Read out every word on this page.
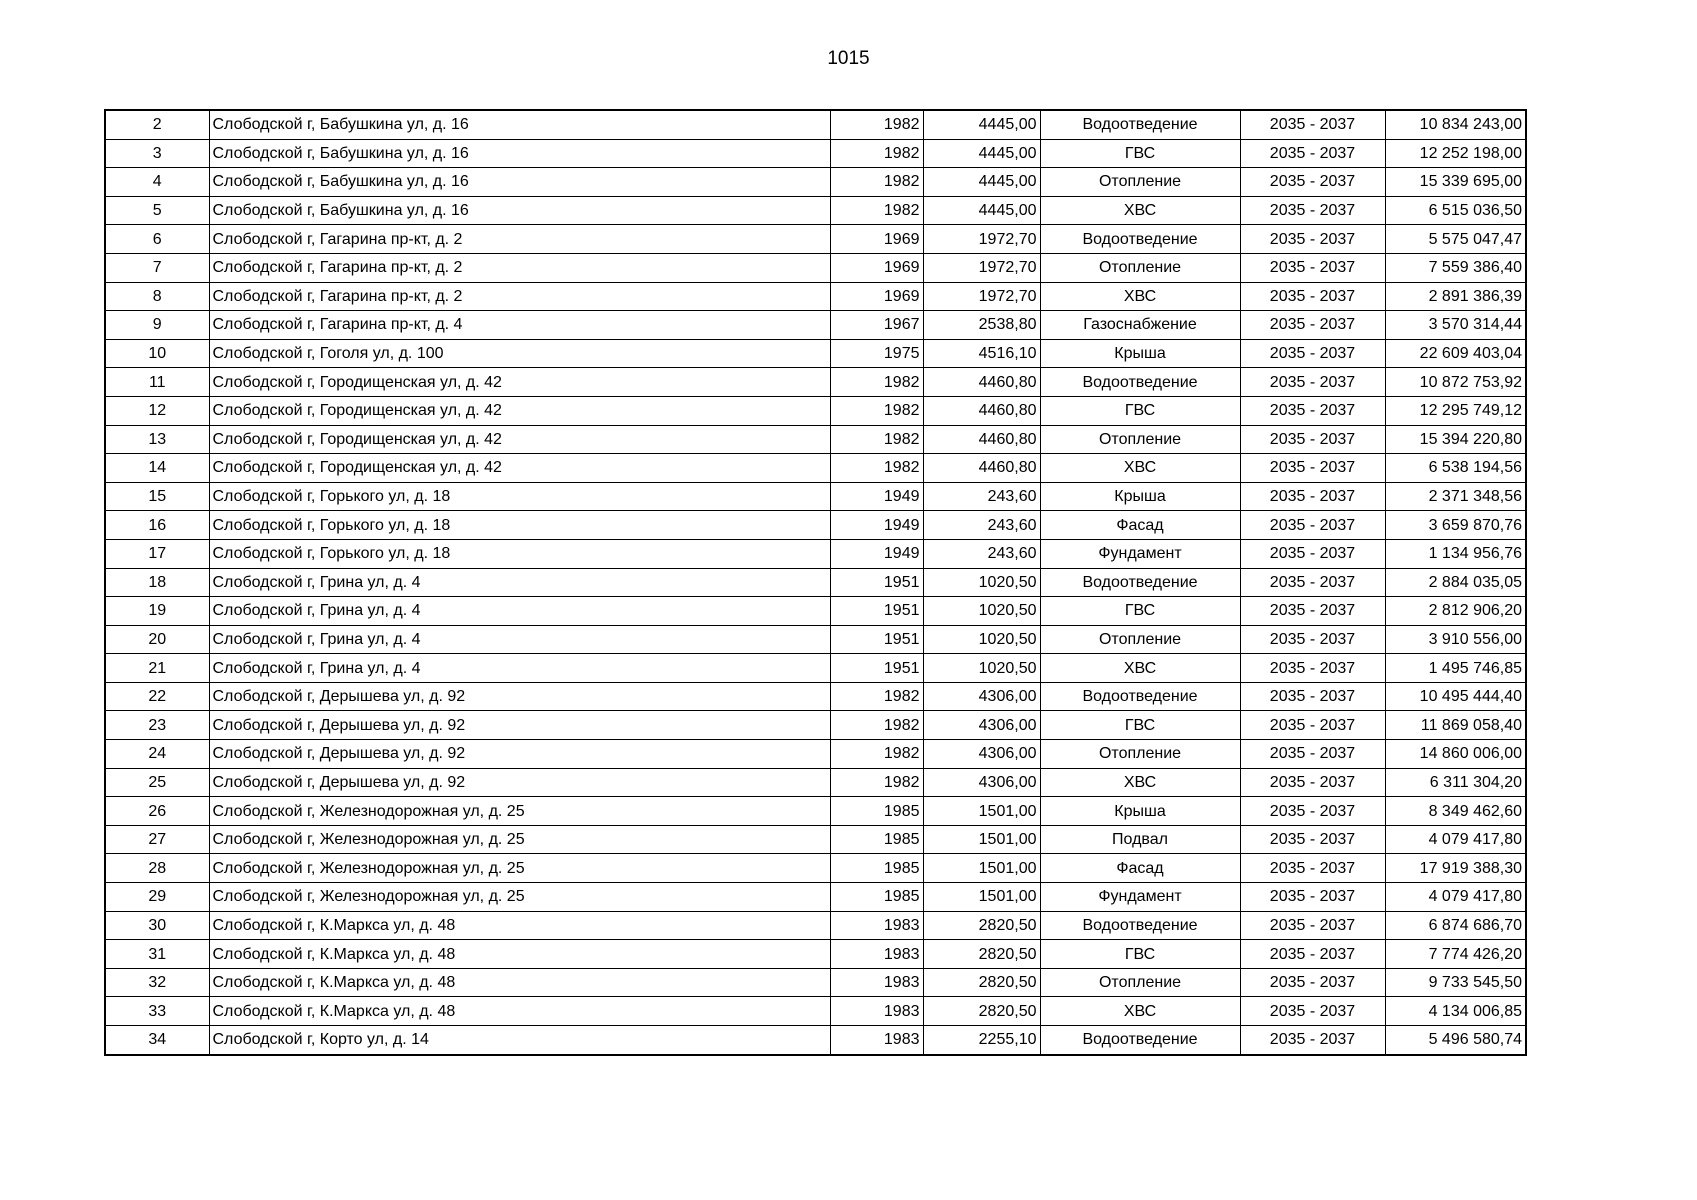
1015
2	Слободской г, Бабушкина ул, д. 16	1982	4445,00	Водоотведение	2035 - 2037	10 834 243,00
3	Слободской г, Бабушкина ул, д. 16	1982	4445,00	ГВС	2035 - 2037	12 252 198,00
4	Слободской г, Бабушкина ул, д. 16	1982	4445,00	Отопление	2035 - 2037	15 339 695,00
5	Слободской г, Бабушкина ул, д. 16	1982	4445,00	ХВС	2035 - 2037	6 515 036,50
6	Слободской г, Гагарина пр-кт, д. 2	1969	1972,70	Водоотведение	2035 - 2037	5 575 047,47
7	Слободской г, Гагарина пр-кт, д. 2	1969	1972,70	Отопление	2035 - 2037	7 559 386,40
8	Слободской г, Гагарина пр-кт, д. 2	1969	1972,70	ХВС	2035 - 2037	2 891 386,39
9	Слободской г, Гагарина пр-кт, д. 4	1967	2538,80	Газоснабжение	2035 - 2037	3 570 314,44
10	Слободской г, Гоголя ул, д. 100	1975	4516,10	Крыша	2035 - 2037	22 609 403,04
11	Слободской г, Городищенская ул, д. 42	1982	4460,80	Водоотведение	2035 - 2037	10 872 753,92
12	Слободской г, Городищенская ул, д. 42	1982	4460,80	ГВС	2035 - 2037	12 295 749,12
13	Слободской г, Городищенская ул, д. 42	1982	4460,80	Отопление	2035 - 2037	15 394 220,80
14	Слободской г, Городищенская ул, д. 42	1982	4460,80	ХВС	2035 - 2037	6 538 194,56
15	Слободской г, Горького ул, д. 18	1949	243,60	Крыша	2035 - 2037	2 371 348,56
16	Слободской г, Горького ул, д. 18	1949	243,60	Фасад	2035 - 2037	3 659 870,76
17	Слободской г, Горького ул, д. 18	1949	243,60	Фундамент	2035 - 2037	1 134 956,76
18	Слободской г, Грина ул, д. 4	1951	1020,50	Водоотведение	2035 - 2037	2 884 035,05
19	Слободской г, Грина ул, д. 4	1951	1020,50	ГВС	2035 - 2037	2 812 906,20
20	Слободской г, Грина ул, д. 4	1951	1020,50	Отопление	2035 - 2037	3 910 556,00
21	Слободской г, Грина ул, д. 4	1951	1020,50	ХВС	2035 - 2037	1 495 746,85
22	Слободской г, Дерышева ул, д. 92	1982	4306,00	Водоотведение	2035 - 2037	10 495 444,40
23	Слободской г, Дерышева ул, д. 92	1982	4306,00	ГВС	2035 - 2037	11 869 058,40
24	Слободской г, Дерышева ул, д. 92	1982	4306,00	Отопление	2035 - 2037	14 860 006,00
25	Слободской г, Дерышева ул, д. 92	1982	4306,00	ХВС	2035 - 2037	6 311 304,20
26	Слободской г, Железнодорожная ул, д. 25	1985	1501,00	Крыша	2035 - 2037	8 349 462,60
27	Слободской г, Железнодорожная ул, д. 25	1985	1501,00	Подвал	2035 - 2037	4 079 417,80
28	Слободской г, Железнодорожная ул, д. 25	1985	1501,00	Фасад	2035 - 2037	17 919 388,30
29	Слободской г, Железнодорожная ул, д. 25	1985	1501,00	Фундамент	2035 - 2037	4 079 417,80
30	Слободской г, К.Маркса ул, д. 48	1983	2820,50	Водоотведение	2035 - 2037	6 874 686,70
31	Слободской г, К.Маркса ул, д. 48	1983	2820,50	ГВС	2035 - 2037	7 774 426,20
32	Слободской г, К.Маркса ул, д. 48	1983	2820,50	Отопление	2035 - 2037	9 733 545,50
33	Слободской г, К.Маркса ул, д. 48	1983	2820,50	ХВС	2035 - 2037	4 134 006,85
34	Слободской г, Корто ул, д. 14	1983	2255,10	Водоотведение	2035 - 2037	5 496 580,74
